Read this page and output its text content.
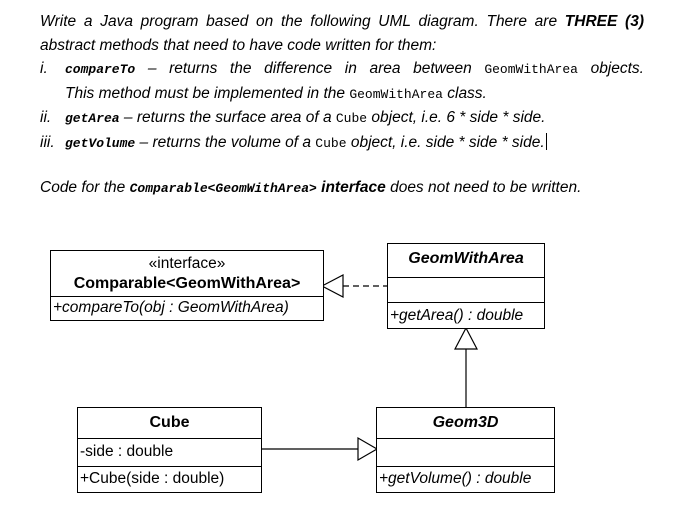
Write a Java program based on the following UML diagram. There are THREE (3)

abstract methods that need to have code written for them:

i. compareTo – returns the difference in area between GeomWithArea objects.
This method must be implemented in the GeomWithArea class.
ii. getArea – returns the surface area of a Cube object, i.e. 6 * side * side.
iii. getVolume – returns the volume of a Cube object, i.e. side * side * side.

Code for the Comparable<GeomWithArea> interface does not need to be written.

«interface»
Comparable<GeomWithArea>
+compareTo(obj : GeomWithArea)
GeomWithArea
+getArea() : double
Cube
-side : double
+Cube(side : double)
Geom3D
+getVolume() : double
